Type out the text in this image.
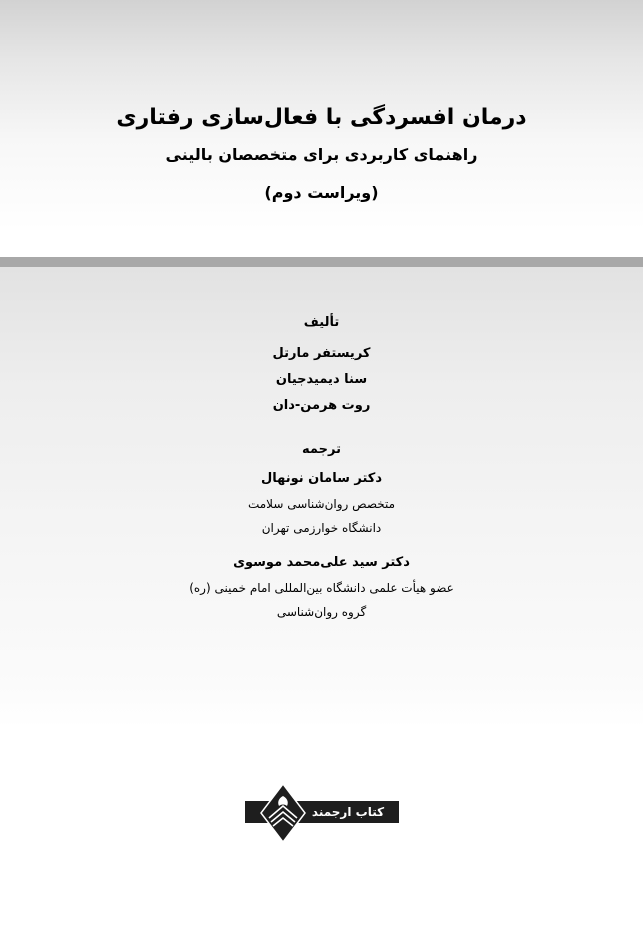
درمان افسردگی با فعال‌سازی رفتاری
راهنمای کاربردی برای متخصصان بالینی
(ویراست دوم)
تألیف
کریستفر مارتل
سنا دیمیدجیان
روت هرمن-دان
ترجمه
دکتر سامان نونهال
متخصص روان‌شناسی سلامت
دانشگاه خوارزمی تهران
دکتر سید علی‌محمد موسوی
عضو هیأت علمی دانشگاه بین‌المللی امام خمینی (ره)
گروه روان‌شناسی
کتاب ارجمند
